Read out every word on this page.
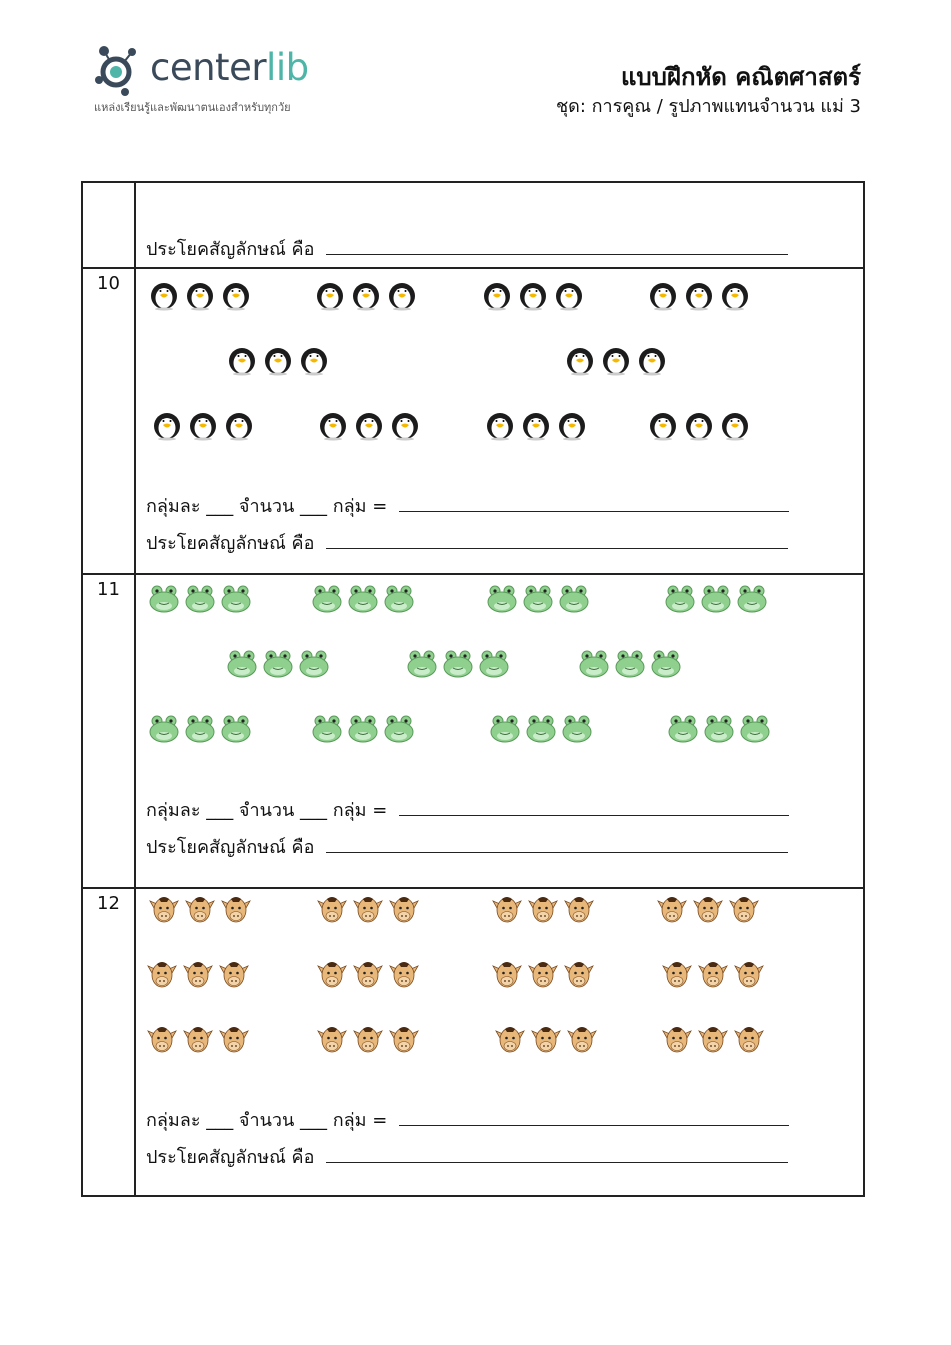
centerlib
แหล่งเรียนรู้และพัฒนาตนเองสำหรับทุกวัย
แบบฝึกหัด คณิตศาสตร์
ชุด: การคูณ / รูปภาพแทนจำนวน แม่ 3

	ประโยคสัญลักษณ์ คือ

10	กลุ่มละ ___ จำนวน ___ กลุ่ม =
ประโยคสัญลักษณ์ คือ

11	กลุ่มละ ___ จำนวน ___ กลุ่ม =
ประโยคสัญลักษณ์ คือ

12	กลุ่มละ ___ จำนวน ___ กลุ่ม =
ประโยคสัญลักษณ์ คือ
